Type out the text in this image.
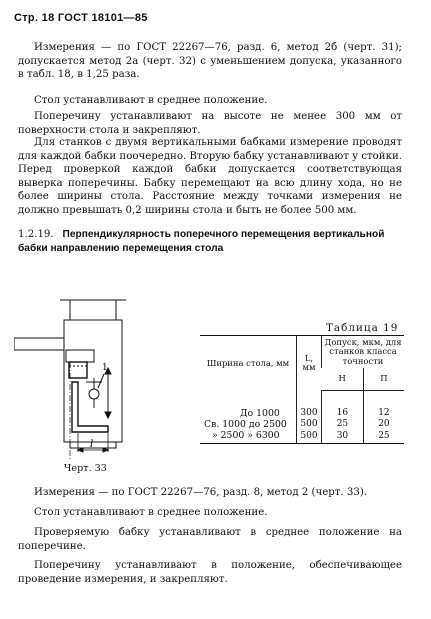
Стр. 18 ГОСТ 18101—85
Измерения — по ГОСТ 22267—76, разд. 6, метод 2б (черт. 31); допускается метод 2а (черт. 32) с уменьшением допуска, указанного в табл. 18, в 1,25 раза.
Стол устанавливают в среднее положение.
Поперечину устанавливают на высоте не менее 300 мм от поверхности стола и закрепляют.
Для станков с двумя вертикальными бабками измерение проводят для каждой бабки поочередно. Вторую бабку устанавливают у стойки. Перед проверкой каждой бабки допускается соответствующая выверка поперечины. Бабку перемещают на всю длину хода, но не более ширины стола. Расстояние между точками измерения не должно превышать 0,2 ширины стола и быть не более 500 мм.
1.2.19. Перпендикулярность поперечного перемещения вертикальной бабки направлению перемещения стола
1
l
Черт. 33
Таблица 19
Ширина стола, мм	L, мм	Допуск, мкм, для станков класса точности	
		Н	П
До 1000	300	16	12
Св. 1000 до 2500	500	25	20
» 2500 » 6300	500	30	25
Измерения — по ГОСТ 22267—76, разд. 8, метод 2 (черт. 33).
Стол устанавливают в среднее положение.
Проверяемую бабку устанавливают в среднее положение на поперечине.
Поперечину устанавливают в положение, обеспечивающее проведение измерения, и закрепляют.
